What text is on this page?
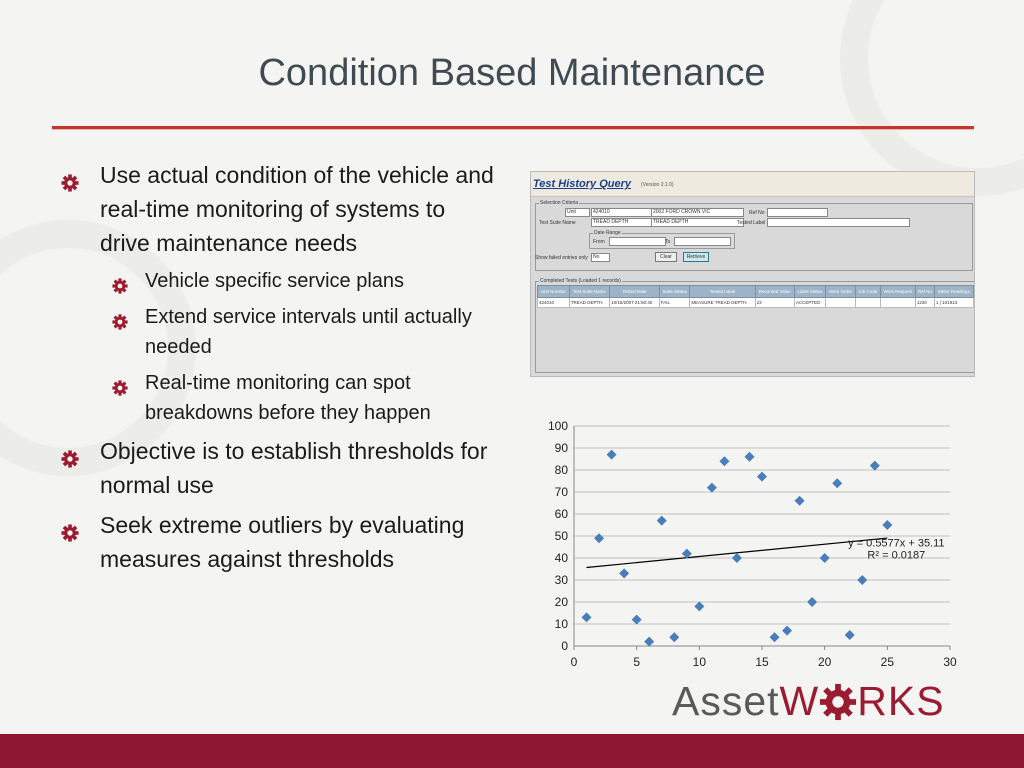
Condition Based Maintenance
Use actual condition of the vehicle and real-time monitoring of systems to drive maintenance needs
Vehicle specific service plans
Extend service intervals until actually needed
Real-time monitoring can spot breakdowns before they happen
Objective is to establish thresholds for normal use
Seek extreme outliers by evaluating measures against thresholds
Test History Query (Version 2.1.0)
Selection Criteria
Unit	424010	2002 FORD CROWN VIC	Ref No
Test Suite Name	TREAD DEPTH	TREAD DEPTH	Tested Label
Date Range
From	To
Show failed entries only	No	Clear	Retrieve
Completed Tests (Loaded 1 records)
Unit Number	Test Suite Name	Tested Date	Suite Status	Tested Label	Recorded Value	Label Status	Work Order	Job Code	Work Request	Ref No	Meter Readings
424010	TREAD DEPTH	10/15/2007 21:50:40	FAIL	MEASURE TREAD DEPTH	23	ACCEPTED				1230	1 | 101913
0
10
20
30
40
50
60
70
80
90
100
0	5	10	15	20	25	30
y = 0.5577x + 35.11
R² = 0.0187
AssetW RKS
